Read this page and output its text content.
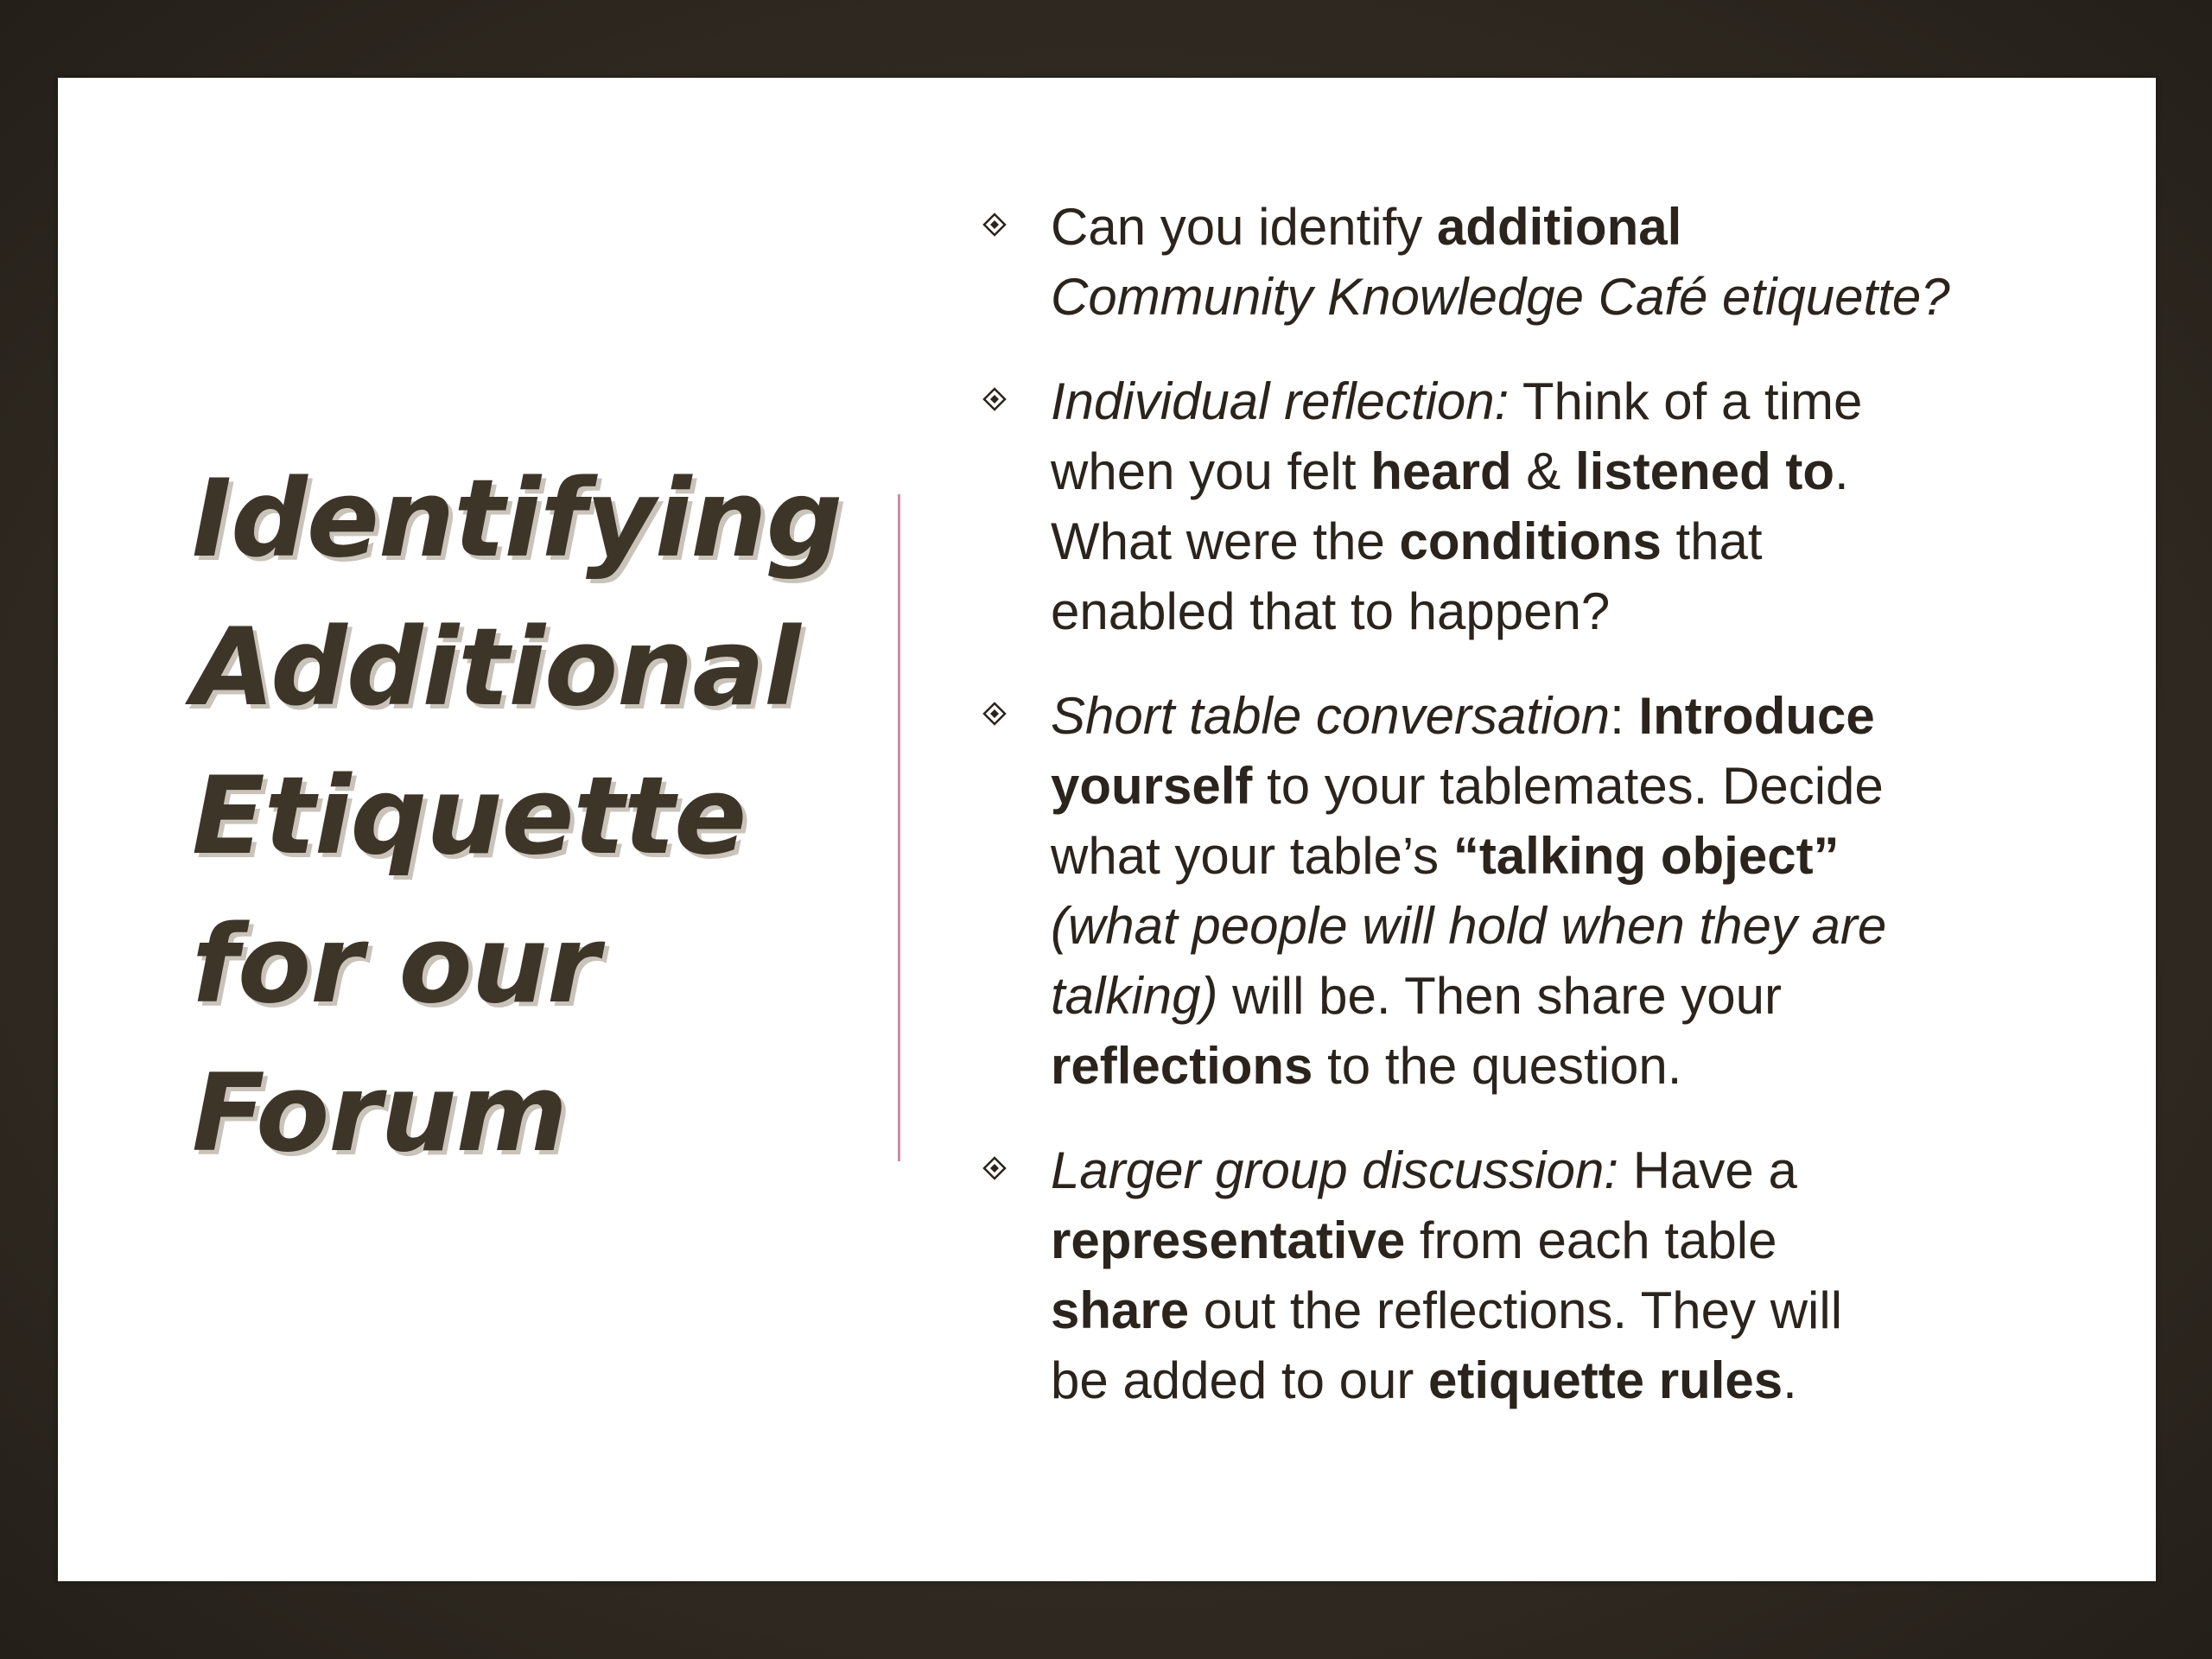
Identifying
Additional
Etiquette
for our
Forum
Can you identify additional
Community Knowledge Café etiquette?
Individual reflection: Think of a time
when you felt heard & listened to.
What were the conditions that
enabled that to happen?
Short table conversation: Introduce
yourself to your tablemates. Decide
what your table’s “talking object”
(what people will hold when they are
talking) will be. Then share your
reflections to the question.
Larger group discussion: Have a
representative from each table
share out the reflections. They will
be added to our etiquette rules.
